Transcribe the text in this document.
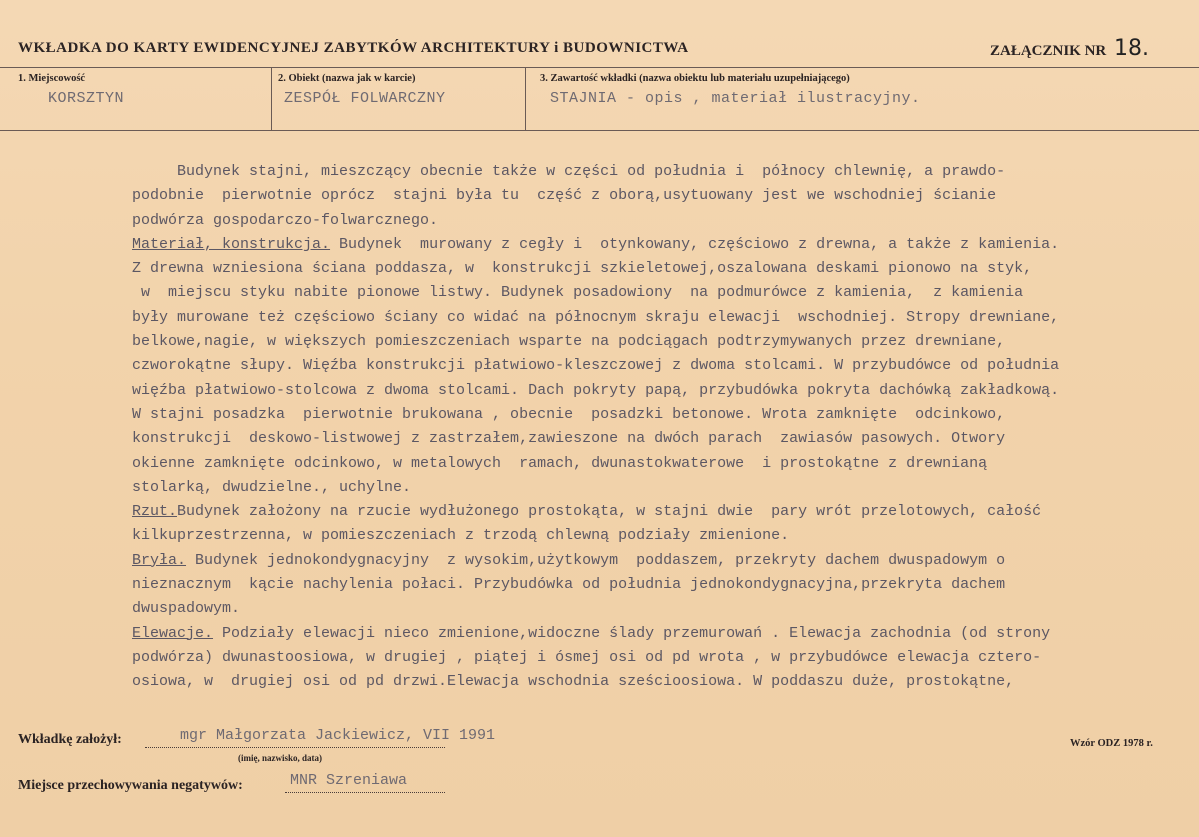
WKŁADKA DO KARTY EWIDENCYJNEJ ZABYTKÓW ARCHITEKTURY i BUDOWNICTWA	ZAŁĄCZNIK NR 18.
1. Miejscowość
KORSZTYN
2. Obiekt (nazwa jak w karcie)
ZESPÓŁ FOLWARCZNY
3. Zawartość wkładki (nazwa obiektu lub materiału uzupełniającego)
STAJNIA - opis , materiał ilustracyjny.
Budynek stajni, mieszczący obecnie także w części od południa i  północy chlewnię, a prawdo-
podobnie  pierwotnie oprócz  stajni była tu  część z oborą,usytuowany jest we wschodniej ścianie
podwórza gospodarczo-folwarcznego.
Materiał, konstrukcja. Budynek  murowany z cegły i  otynkowany, częściowo z drewna, a także z kamienia.
Z drewna wzniesiona ściana poddasza, w  konstrukcji szkieletowej,oszalowana deskami pionowo na styk,
w  miejscu styku nabite pionowe listwy. Budynek posadowiony  na podmurówce z kamienia,  z kamienia
były murowane też częściowo ściany co widać na północnym skraju elewacji  wschodniej. Stropy drewniane,
belkowe,nagie, w większych pomieszczeniach wsparte na podciągach podtrzymywanych przez drewniane,
czworokątne słupy. Więźba konstrukcji płatwiowo-kleszczowej z dwoma stolcami. W przybudówce od południa
więźba płatwiowo-stolcowa z dwoma stolcami. Dach pokryty papą, przybudówka pokryta dachówką zakładkową.
W stajni posadzka  pierwotnie brukowana , obecnie  posadzki betonowe. Wrota zamknięte  odcinkowo,
konstrukcji  deskowo-listwowej z zastrzałem,zawieszone na dwóch parach  zawiasów pasowych. Otwory
okienne zamknięte odcinkowo, w metalowych  ramach, dwunastokwaterowe  i prostokątne z drewnianą
stolarką, dwudzielne., uchylne.
Rzut.Budynek założony na rzucie wydłużonego prostokąta, w stajni dwie  pary wrót przelotowych, całość
kilkuprzestrzenna, w pomieszczeniach z trzodą chlewną podziały zmienione.
Bryła. Budynek jednokondygnacyjny  z wysokim,użytkowym  poddaszem, przekryty dachem dwuspadowym o
nieznacznym  kącie nachylenia połaci. Przybudówka od południa jednokondygnacyjna,przekryta dachem
dwuspadowym.
Elewacje. Podziały elewacji nieco zmienione,widoczne ślady przemurowań . Elewacja zachodnia (od strony
podwórza) dwunastoosiowa, w drugiej , piątej i ósmej osi od pd wrota , w przybudówce elewacja cztero-
osiowa, w  drugiej osi od pd drzwi.Elewacja wschodnia sześcioosiowa. W poddaszu duże, prostokątne,
Wkładkę założył:	mgr Małgorzata Jackiewicz, VII 1991
(imię, nazwisko, data)
Miejsce przechowywania negatywów:	MNR Szreniawa
Wzór ODZ 1978 r.
